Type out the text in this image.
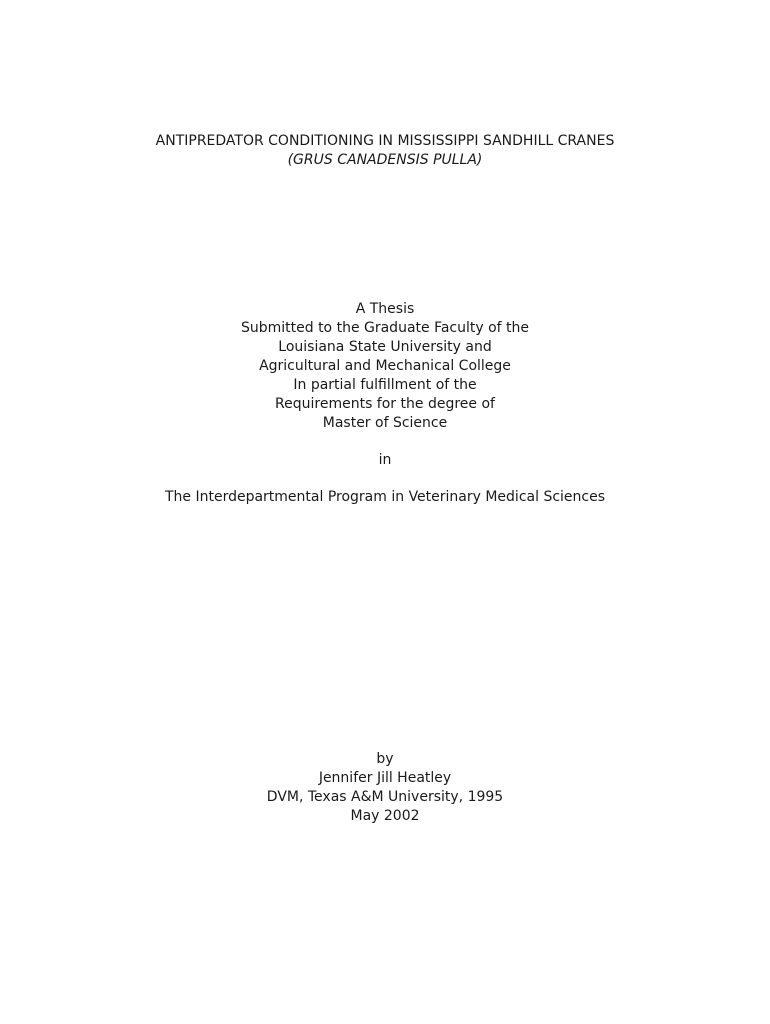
ANTIPREDATOR CONDITIONING IN MISSISSIPPI SANDHILL CRANES
(GRUS CANADENSIS PULLA)
A Thesis
Submitted to the Graduate Faculty of the
Louisiana State University and
Agricultural and Mechanical College
In partial fulfillment of the
Requirements for the degree of
Master of Science
in
The Interdepartmental Program in Veterinary Medical Sciences
by
Jennifer Jill Heatley
DVM, Texas A&M University, 1995
May 2002
